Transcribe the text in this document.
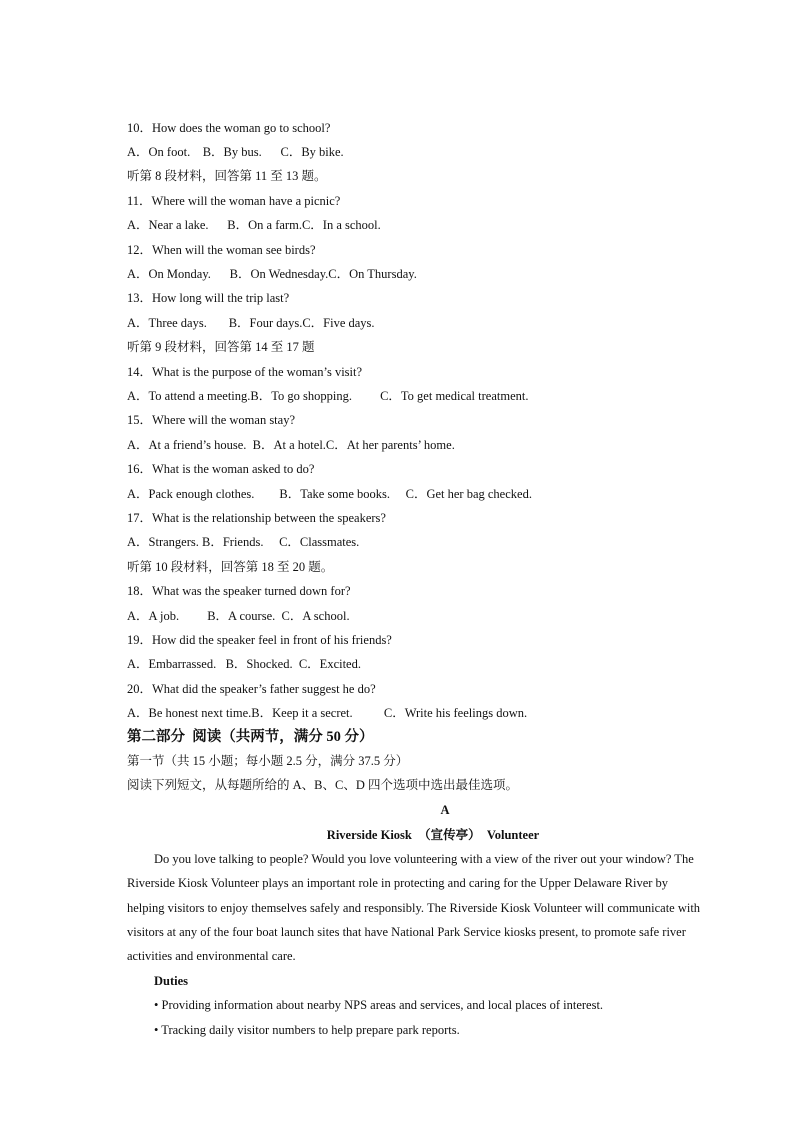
10．How does the woman go to school?
A．On foot.    B．By bus.      C．By bike.
听第 8 段材料，回答第 11 至 13 题。
11．Where will the woman have a picnic?
A．Near a lake.      B．On a farm.C．In a school.
12．When will the woman see birds?
A．On Monday.      B．On Wednesday.C．On Thursday.
13．How long will the trip last?
A．Three days.       B．Four days.C．Five days.
听第 9 段材料，回答第 14 至 17 题
14．What is the purpose of the woman’s visit?
A．To attend a meeting.B．To go shopping.         C．To get medical treatment.
15．Where will the woman stay?
A．At a friend’s house.  B．At a hotel.C．At her parents’ home.
16．What is the woman asked to do?
A．Pack enough clothes.        B．Take some books.     C．Get her bag checked.
17．What is the relationship between the speakers?
A．Strangers. B．Friends.     C．Classmates.
听第 10 段材料，回答第 18 至 20 题。
18．What was the speaker turned down for?
A．A job.         B．A course.  C．A school.
19．How did the speaker feel in front of his friends?
A．Embarrassed.   B．Shocked.  C．Excited.
20．What did the speaker’s father suggest he do?
A．Be honest next time.B．Keep it a secret.          C．Write his feelings down.
第二部分  阅读（共两节，满分 50 分）
第一节（共 15 小题；每小题 2.5 分，满分 37.5 分）
阅读下列短文，从每题所给的 A、B、C、D 四个选项中选出最佳选项。
A
Riverside Kiosk  （宣传亭）  Volunteer
Do you love talking to people? Would you love volunteering with a view of the river out your window? The
Riverside Kiosk Volunteer plays an important role in protecting and caring for the Upper Delaware River by
helping visitors to enjoy themselves safely and responsibly. The Riverside Kiosk Volunteer will communicate with
visitors at any of the four boat launch sites that have National Park Service kiosks present, to promote safe river
activities and environmental care.
Duties
• Providing information about nearby NPS areas and services, and local places of interest.
• Tracking daily visitor numbers to help prepare park reports.
